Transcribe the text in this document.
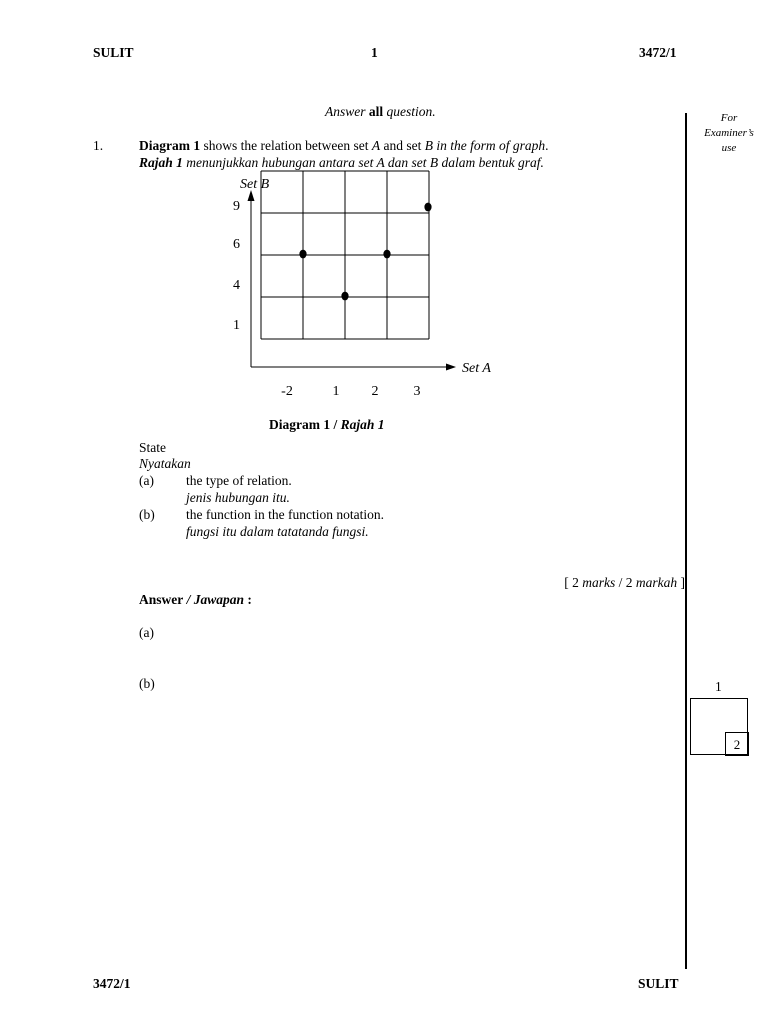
SULIT	1	3472/1
Answer all question.	For
Examiner’s
use
1.	Diagram 1 shows the relation between set A and set B in the form of graph.
Rajah 1 menunjukkan hubungan antara set A dan set B dalam bentuk graf.
Set B
Set A
1
4
6
9
-2	1 2	3
Diagram 1 / Rajah 1
State
Nyatakan
(a) the type of relation.
jenis hubungan itu.
(b) the function in the function notation.
fungsi itu dalam tatatanda fungsi.
[ 2 marks / 2 markah ]
Answer / Jawapan :
(a)
(b)	1
2
3472/1	SULIT
